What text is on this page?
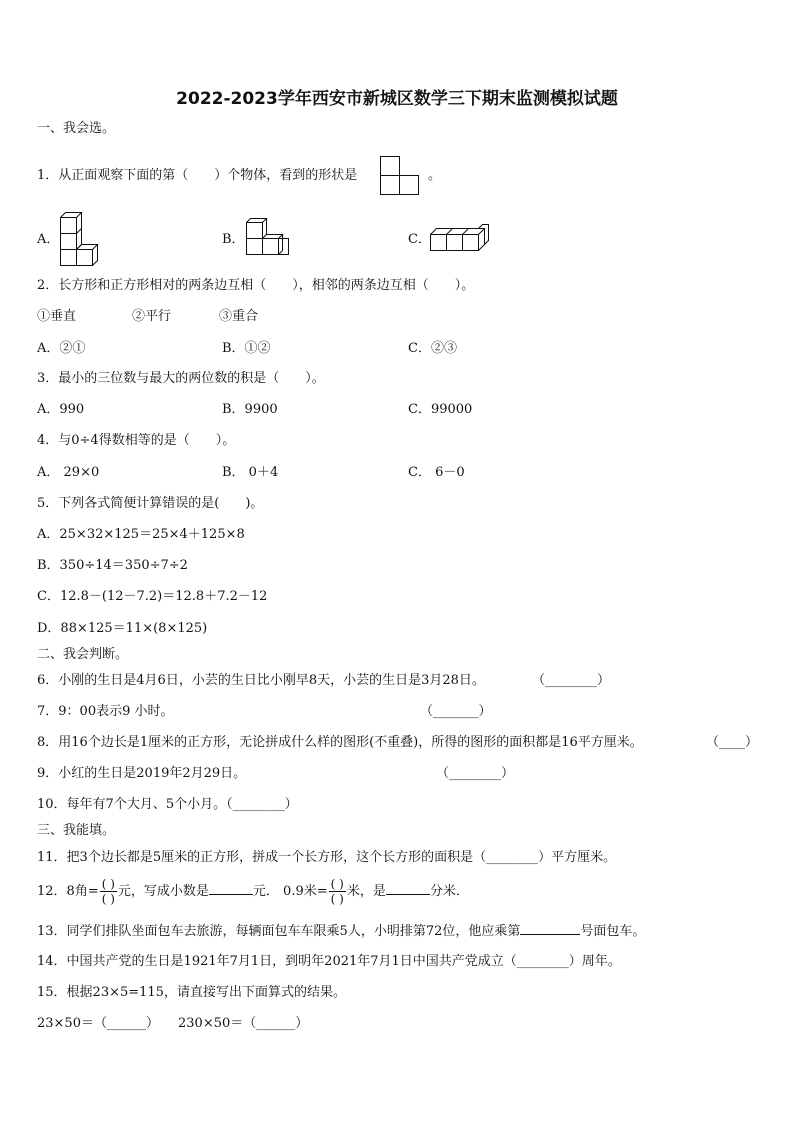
2022-2023学年西安市新城区数学三下期末监测模拟试题
一、我会选。
1．从正面观察下面的第（　　）个物体，看到的形状是	。
A．	B．	C．
2．长方形和正方形相对的两条边互相（　　），相邻的两条边互相（　　）。
①垂直	②平行	③重合
A．②①	B．①②	C．②③
3．最小的三位数与最大的两位数的积是（　　）。
A．990	B．9900	C．99000
4．与0÷4得数相等的是（　　）。
A． 29×0	B． 0＋4	C． 6－0
5．下列各式简便计算错误的是(　　)。
A．25×32×125＝25×4＋125×8
B．350÷14＝350÷7÷2
C．12.8－(12－7.2)＝12.8＋7.2－12
D．88×125＝11×(8×125)
二、我会判断。
6．小刚的生日是4月6日，小芸的生日比小刚早8天，小芸的生日是3月28日。	（________）
7．9：00表示9 小时。	（_______）
8．用16个边长是1厘米的正方形，无论拼成什么样的图形(不重叠)，所得的图形的面积都是16平方厘米。	（____）
9．小红的生日是2019年2月29日。	（________）
10．每年有7个大月、5个小月。（________）
三、我能填。
11．把3个边长都是5厘米的正方形，拼成一个长方形，这个长方形的面积是（________）平方厘米。
12．8角= $\frac{( )}{( )}$ 元，写成小数是	元． 0.9米= $\frac{( )}{( )}$ 米，是	分米．
13．同学们排队坐面包车去旅游，每辆面包车车限乘5人，小明排第72位，他应乘第	号面包车。
14．中国共产党的生日是1921年7月1日，到明年2021年7月1日中国共产党成立（________）周年。
15．根据23×5=115，请直接写出下面算式的结果。
23×50＝（______） 230×50＝（______）
